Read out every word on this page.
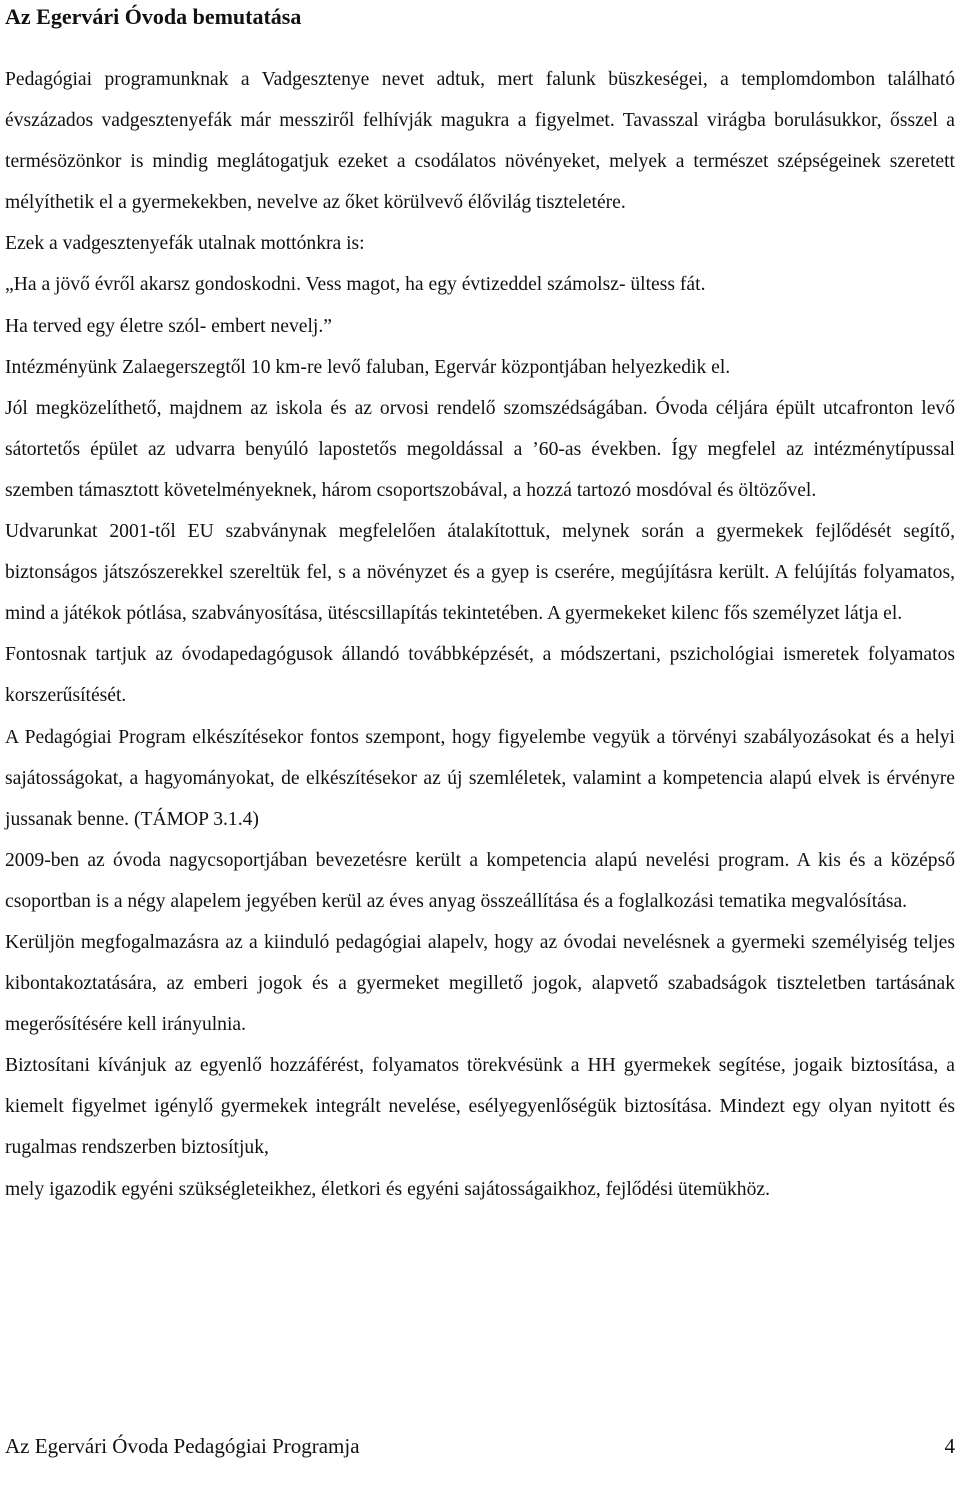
Az Egervári Óvoda bemutatása

Pedagógiai programunknak a Vadgesztenye nevet adtuk, mert falunk büszkeségei, a templomdombon található évszázados vadgesztenyefák már messziről felhívják magukra a figyelmet. Tavasszal virágba borulásukkor, ősszel a termésözönkor is mindig meglátogatjuk ezeket a csodálatos növényeket, melyek a természet szépségeinek szeretett mélyíthetik el a gyermekekben, nevelve az őket körülvevő élővilág tiszteletére.

Ezek a vadgesztenyefák utalnak mottónkra is:

„Ha a jövő évről akarsz gondoskodni. Vess magot, ha egy évtizeddel számolsz- ültess fát.

Ha terved egy életre szól- embert nevelj.”

Intézményünk Zalaegerszegtől 10 km-re levő faluban, Egervár központjában helyezkedik el.

Jól megközelíthető, majdnem az iskola és az orvosi rendelő szomszédságában. Óvoda céljára épült utcafronton levő sátortetős épület az udvarra benyúló lapostetős megoldással a ’60-as években. Így megfelel az intézménytípussal szemben támasztott követelményeknek, három csoportszobával, a hozzá tartozó mosdóval és öltözővel.

Udvarunkat 2001-től EU szabványnak megfelelően átalakítottuk, melynek során a gyermekek fejlődését segítő, biztonságos játszószerekkel szereltük fel, s a növényzet és a gyep is cserére, megújításra került. A felújítás folyamatos, mind a játékok pótlása, szabványosítása, ütéscsillapítás tekintetében. A gyermekeket kilenc fős személyzet látja el.

Fontosnak tartjuk az óvodapedagógusok állandó továbbképzését, a módszertani, pszichológiai ismeretek folyamatos korszerűsítését.

A Pedagógiai Program elkészítésekor fontos szempont, hogy figyelembe vegyük a törvényi szabályozásokat és a helyi sajátosságokat, a hagyományokat, de elkészítésekor az új szemléletek, valamint a kompetencia alapú elvek is érvényre jussanak benne. (TÁMOP 3.1.4)

2009-ben az óvoda nagycsoportjában bevezetésre került a kompetencia alapú nevelési program. A kis és a középső csoportban is a négy alapelem jegyében kerül az éves anyag összeállítása és a foglalkozási tematika megvalósítása.

Kerüljön megfogalmazásra az a kiinduló pedagógiai alapelv, hogy az óvodai nevelésnek a gyermeki személyiség teljes kibontakoztatására, az emberi jogok és a gyermeket megillető jogok, alapvető szabadságok tiszteletben tartásának megerősítésére kell irányulnia.

Biztosítani kívánjuk az egyenlő hozzáférést, folyamatos törekvésünk a HH gyermekek segítése, jogaik biztosítása, a kiemelt figyelmet igénylő gyermekek integrált nevelése, esélyegyenlőségük biztosítása. Mindezt egy olyan nyitott és rugalmas rendszerben biztosítjuk,

mely igazodik egyéni szükségleteikhez, életkori és egyéni sajátosságaikhoz, fejlődési ütemükhöz.

Az Egervári Óvoda Pedagógiai Programja	4
